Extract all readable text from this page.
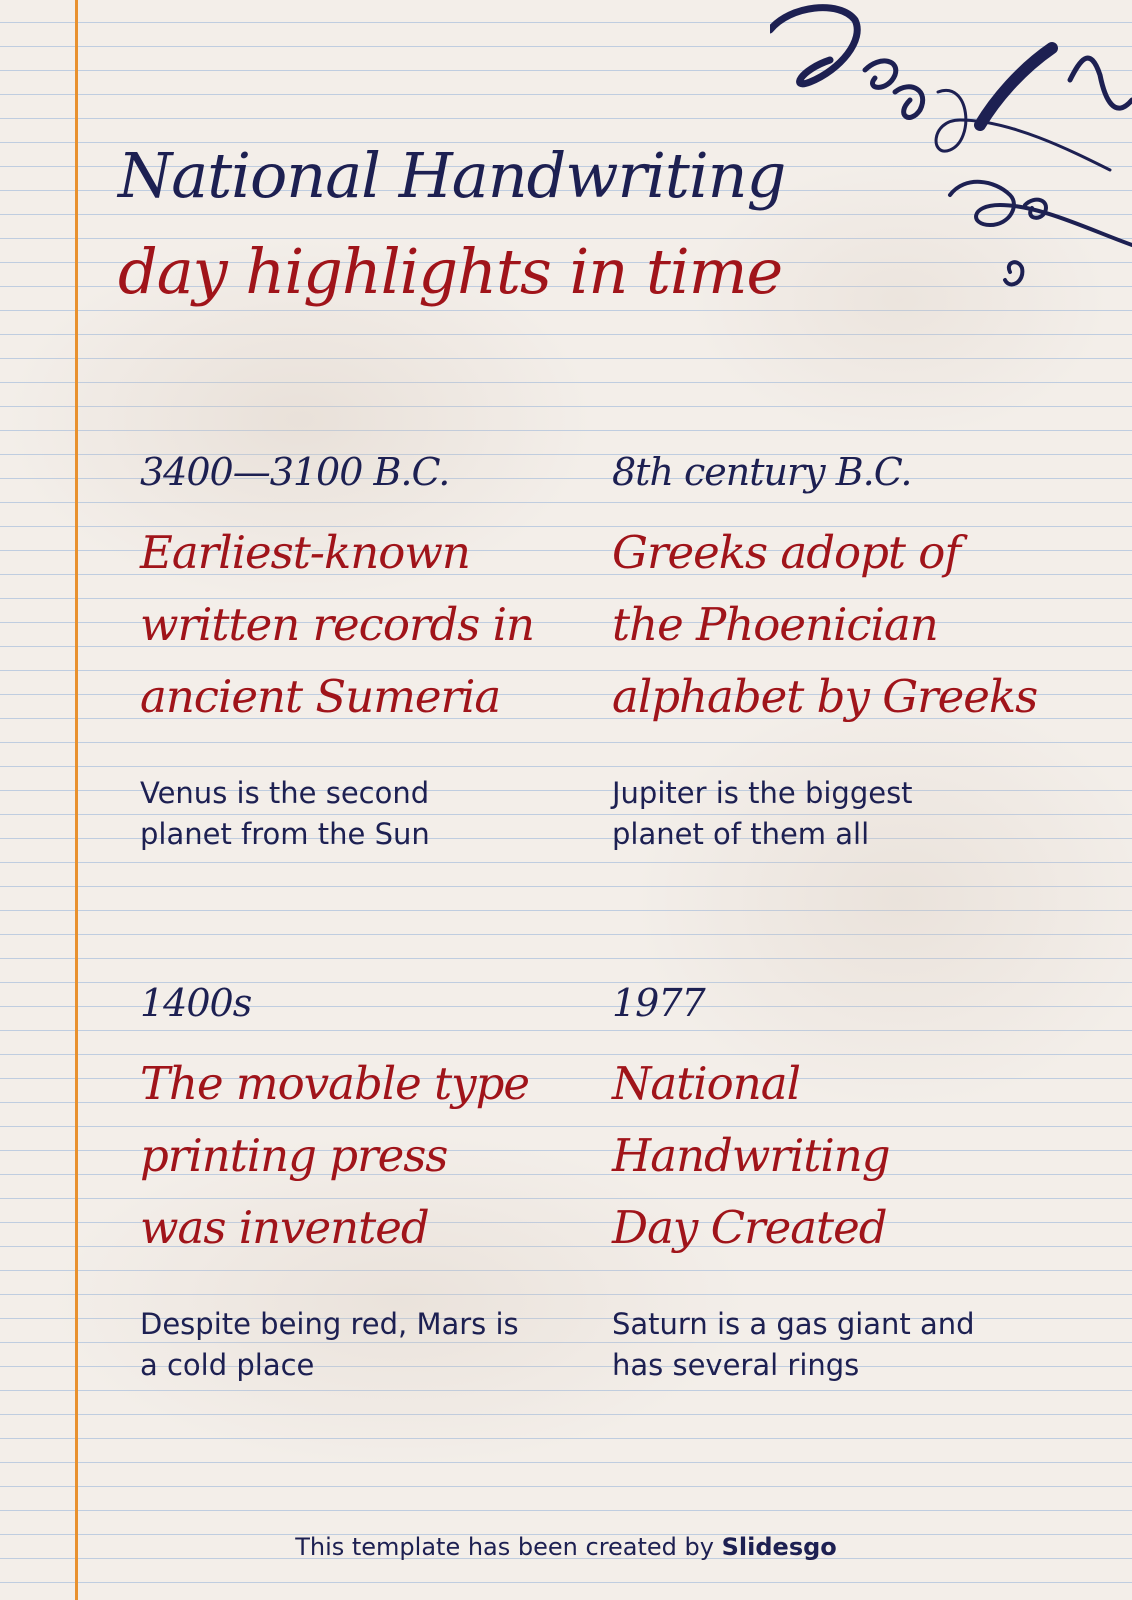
National Handwriting
day highlights in time
3400—3100 B.C.
Earliest-known
written records in
ancient Sumeria
Venus is the second
planet from the Sun
8th century B.C.
Greeks adopt of
the Phoenician
alphabet by Greeks
Jupiter is the biggest
planet of them all
1400s
The movable type
printing press
was invented
Despite being red, Mars is
a cold place
1977
National
Handwriting
Day Created
Saturn is a gas giant and
has several rings
This template has been created by Slidesgo
